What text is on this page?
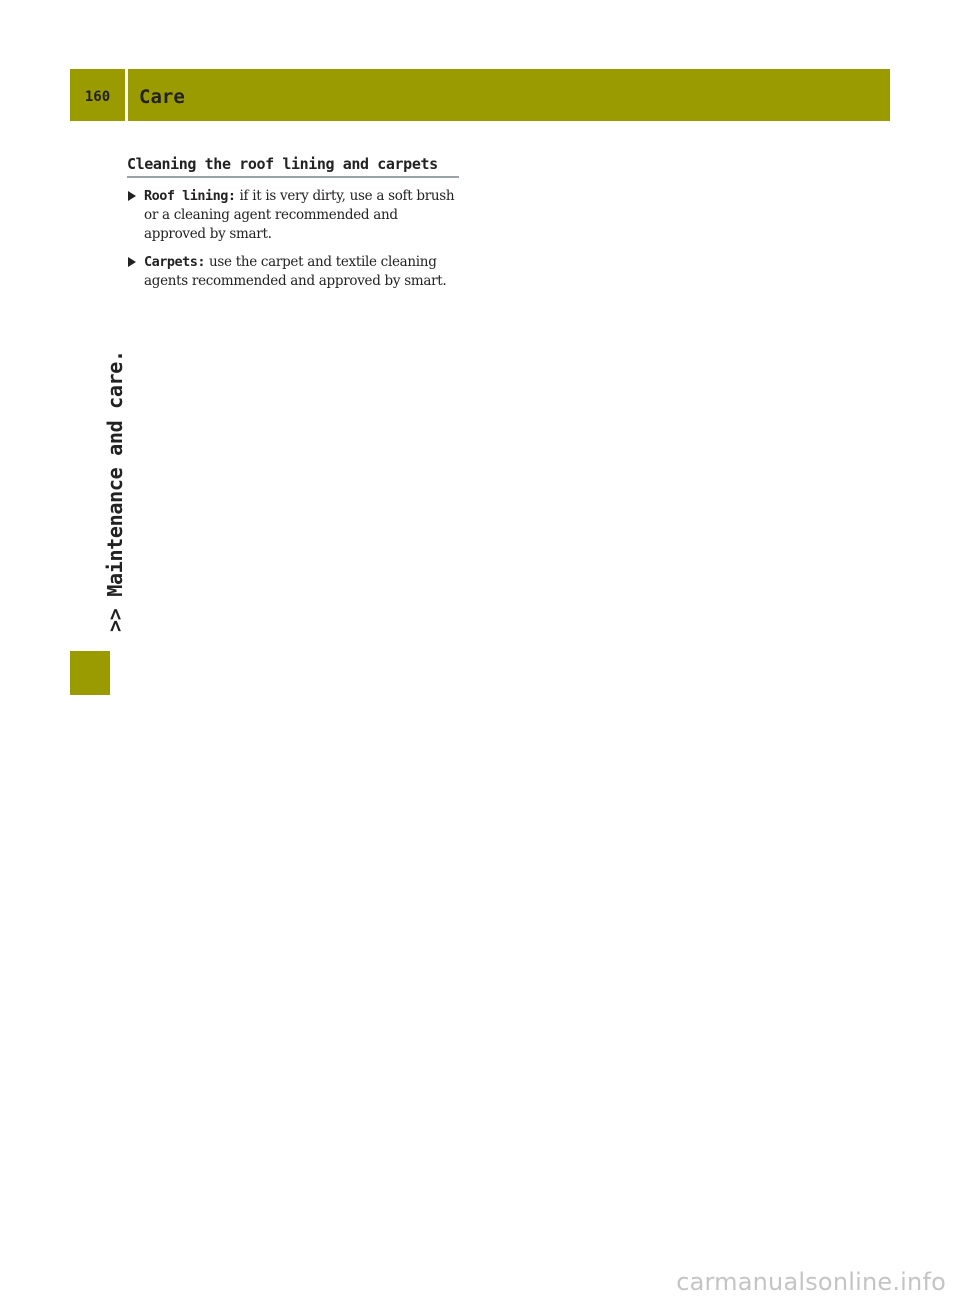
160	Care
Cleaning the roof lining and carpets
Roof lining: if it is very dirty, use a soft brush or a cleaning agent recommended and approved by smart.
Carpets: use the carpet and textile cleaning agents recommended and approved by smart.
>> Maintenance and care.
carmanualsonline.info
